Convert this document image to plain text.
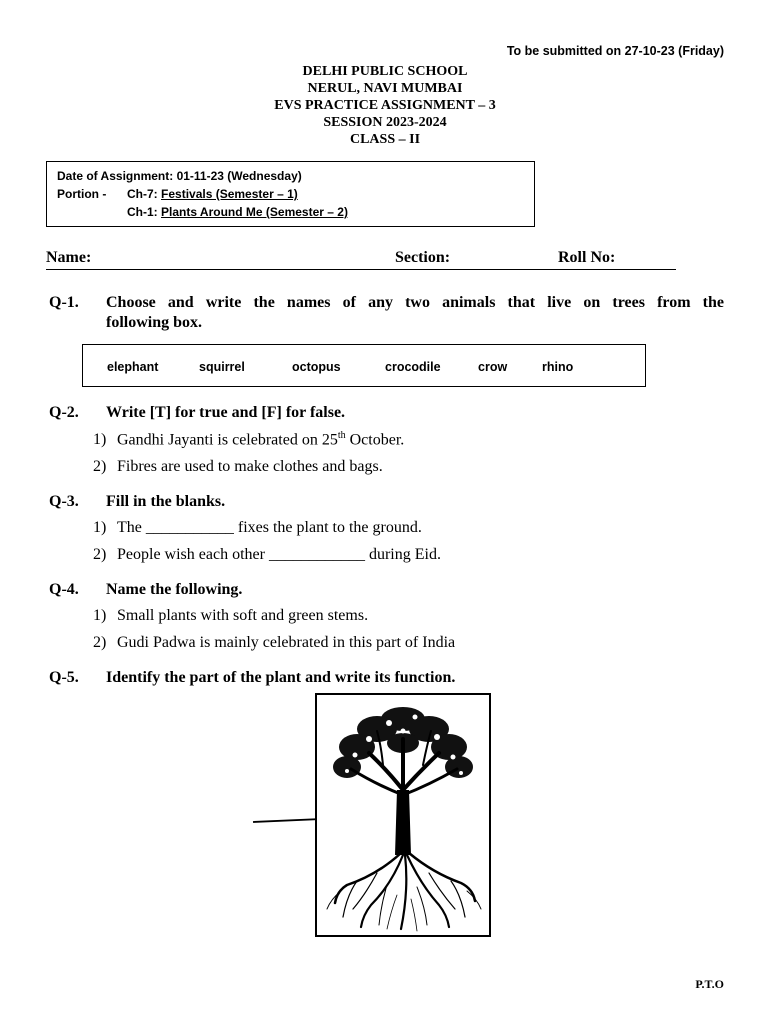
To be submitted on 27-10-23 (Friday)
DELHI PUBLIC SCHOOL
NERUL, NAVI MUMBAI
EVS PRACTICE ASSIGNMENT – 3
SESSION 2023-2024
CLASS – II
Date of Assignment: 01-11-23 (Wednesday)
Portion - Ch-7: Festivals (Semester – 1)
Ch-1: Plants Around Me (Semester – 2)
Name:	Section:	Roll No:
Q-1. Choose and write the names of any two animals that live on trees from the
following box.
elephant	squirrel	octopus	crocodile	crow	rhino
Q-2. Write [T] for true and [F] for false.
1) Gandhi Jayanti is celebrated on 25th October.
2) Fibres are used to make clothes and bags.
Q-3. Fill in the blanks.
1) The ___________ fixes the plant to the ground.
2) People wish each other ____________ during Eid.
Q-4. Name the following.
1) Small plants with soft and green stems.
2) Gudi Padwa is mainly celebrated in this part of India
Q-5. Identify the part of the plant and write its function.
P.T.O
